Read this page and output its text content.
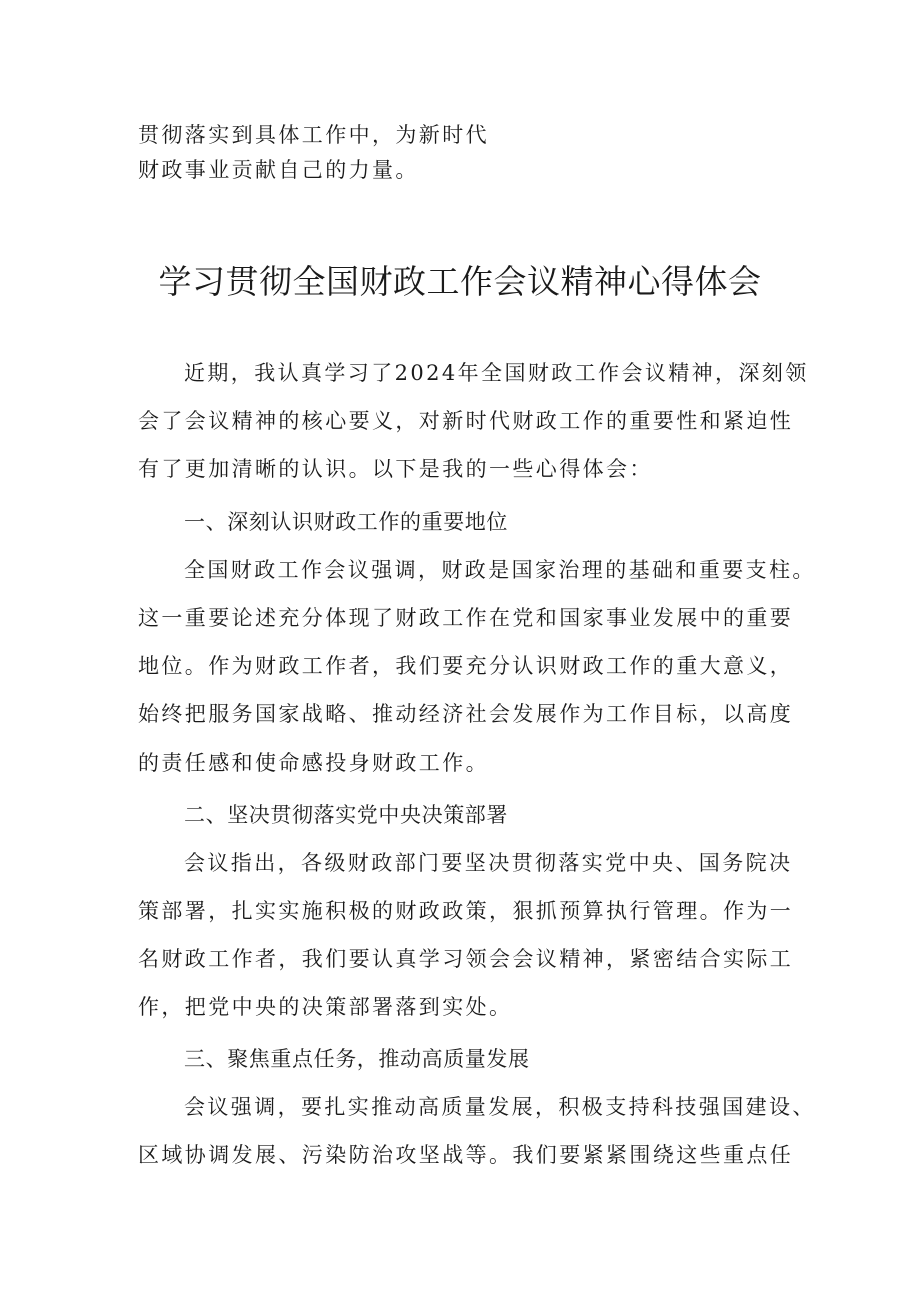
贯彻落实到具体工作中，为新时代
财政事业贡献自己的力量。
学习贯彻全国财政工作会议精神心得体会
近期，我认真学习了2024年全国财政工作会议精神，深刻领
会了会议精神的核心要义，对新时代财政工作的重要性和紧迫性
有了更加清晰的认识。以下是我的一些心得体会：
一、深刻认识财政工作的重要地位
全国财政工作会议强调，财政是国家治理的基础和重要支柱。
这一重要论述充分体现了财政工作在党和国家事业发展中的重要
地位。作为财政工作者，我们要充分认识财政工作的重大意义，
始终把服务国家战略、推动经济社会发展作为工作目标，以高度
的责任感和使命感投身财政工作。
二、坚决贯彻落实党中央决策部署
会议指出，各级财政部门要坚决贯彻落实党中央、国务院决
策部署，扎实实施积极的财政政策，狠抓预算执行管理。作为一
名财政工作者，我们要认真学习领会会议精神，紧密结合实际工
作，把党中央的决策部署落到实处。
三、聚焦重点任务，推动高质量发展
会议强调，要扎实推动高质量发展，积极支持科技强国建设、
区域协调发展、污染防治攻坚战等。我们要紧紧围绕这些重点任
